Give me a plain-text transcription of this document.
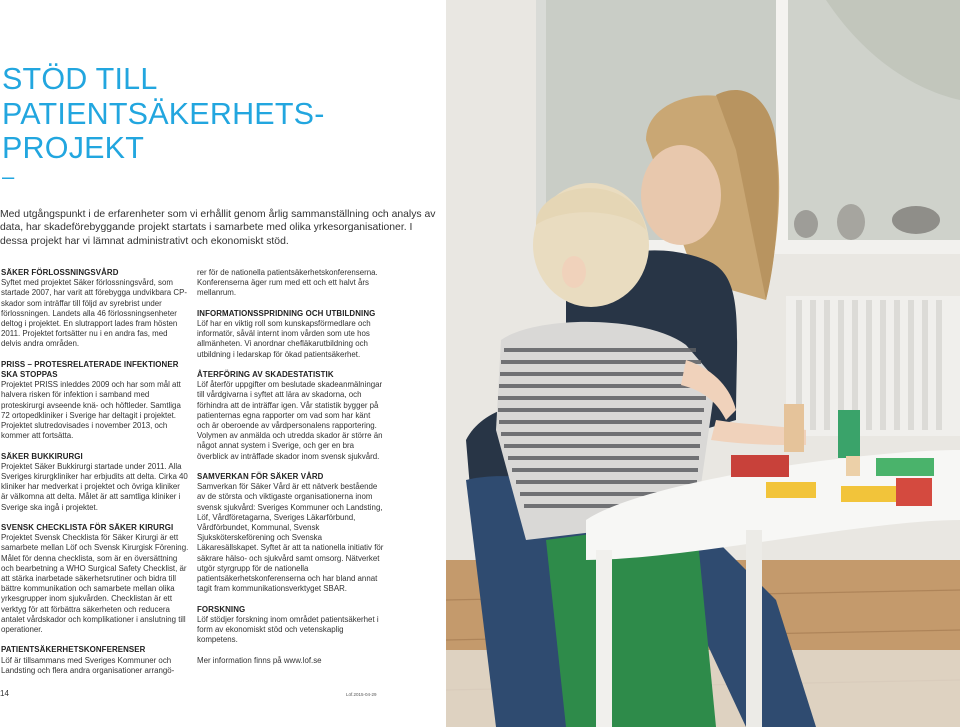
STÖD TILL
PATIENTSÄKERHETS-
PROJEKT
–

Med utgångspunkt i de erfarenheter som vi erhållit genom årlig sammanställning och analys av data, har skadeförebyggande projekt startats i samarbete med olika yrkesorganisationer. I dessa projekt har vi lämnat administrativt och ekonomiskt stöd.

SÄKER FÖRLOSSNINGSVÅRD

Syftet med projektet Säker förlossningsvård, som startade 2007, har varit att förebygga undvikbara CP-skador som inträffar till följd av syrebrist under förlossningen. Landets alla 46 förlossningsenheter deltog i projektet. En slutrapport lades fram hösten 2011. Projektet fortsätter nu i en andra fas, med delvis andra områden.

PRISS – PROTESRELATERADE INFEKTIONER SKA STOPPAS

Projektet PRISS inleddes 2009 och har som mål att halvera risken för infektion i samband med proteskirurgi avseende knä- och höftleder. Samtliga 72 ortopedkliniker i Sverige har deltagit i projektet. Projektet slutredovisades i november 2013, och kommer att fortsätta.

SÄKER BUKKIRURGI

Projektet Säker Bukkirurgi startade under 2011. Alla Sveriges kirurgkliniker har erbjudits att delta. Cirka 40 kliniker har medverkat i projektet och övriga kliniker är välkomna att delta. Målet är att samtliga kliniker i Sverige ska ingå i projektet.

SVENSK CHECKLISTA FÖR SÄKER KIRURGI

Projektet Svensk Checklista för Säker Kirurgi är ett samarbete mellan Löf och Svensk Kirurgisk Förening. Målet för denna checklista, som är en översättning och bearbetning a WHO Surgical Safety Checklist, är att stärka inarbetade säkerhetsrutiner och bidra till bättre kommunikation och samarbete mellan olika yrkesgrupper inom sjukvården. Checklistan är ett verktyg för att förbättra säkerheten och reducera antalet vårdskador och komplikationer i anslutning till operationer.

PATIENTSÄKERHETSKONFERENSER

Löf är tillsammans med Sveriges Kommuner och Landsting och flera andra organisationer arrangö-

rer för de nationella patientsäkerhetskonferenserna. Konferenserna äger rum med ett och ett halvt års mellanrum.

INFORMATIONSSPRIDNING OCH UTBILDNING

Löf har en viktig roll som kunskapsförmedlare och informatör, såväl internt inom vården som ute hos allmänheten. Vi anordnar chefläkarutbildning och utbildning i ledarskap för ökad patientsäkerhet.

ÅTERFÖRING AV SKADESTATISTIK

Löf återför uppgifter om beslutade skadeanmälningar till vårdgivarna i syftet att lära av skadorna, och förhindra att de inträffar igen. Vår statistik bygger på patienternas egna rapporter om vad som har känt och är oberoende av vårdpersonalens rapportering. Volymen av anmälda och utredda skador är större än något annat system i Sverige, och ger en bra överblick av inträffade skador inom svensk sjukvård.

SAMVERKAN FÖR SÄKER VÅRD

Samverkan för Säker Vård är ett nätverk bestående av de största och viktigaste organisationerna inom svensk sjukvård: Sveriges Kommuner och Landsting, Löf, Vårdföretagarna, Sveriges Läkarförbund, Vårdförbundet, Kommunal, Svensk Sjuksköterskeförening och Svenska Läkaresällskapet. Syftet är att ta nationella initiativ för säkrare hälso- och sjukvård samt omsorg. Nätverket utgör styrgrupp för de nationella patientsäkerhetskonferenserna och har bland annat tagit fram kommunikationsverktyget SBAR.

FORSKNING

Löf stödjer forskning inom området patientsäkerhet i form av ekonomiskt stöd och vetenskaplig kompetens.

Mer information finns på www.lof.se

14	Löf.2015-04-29
